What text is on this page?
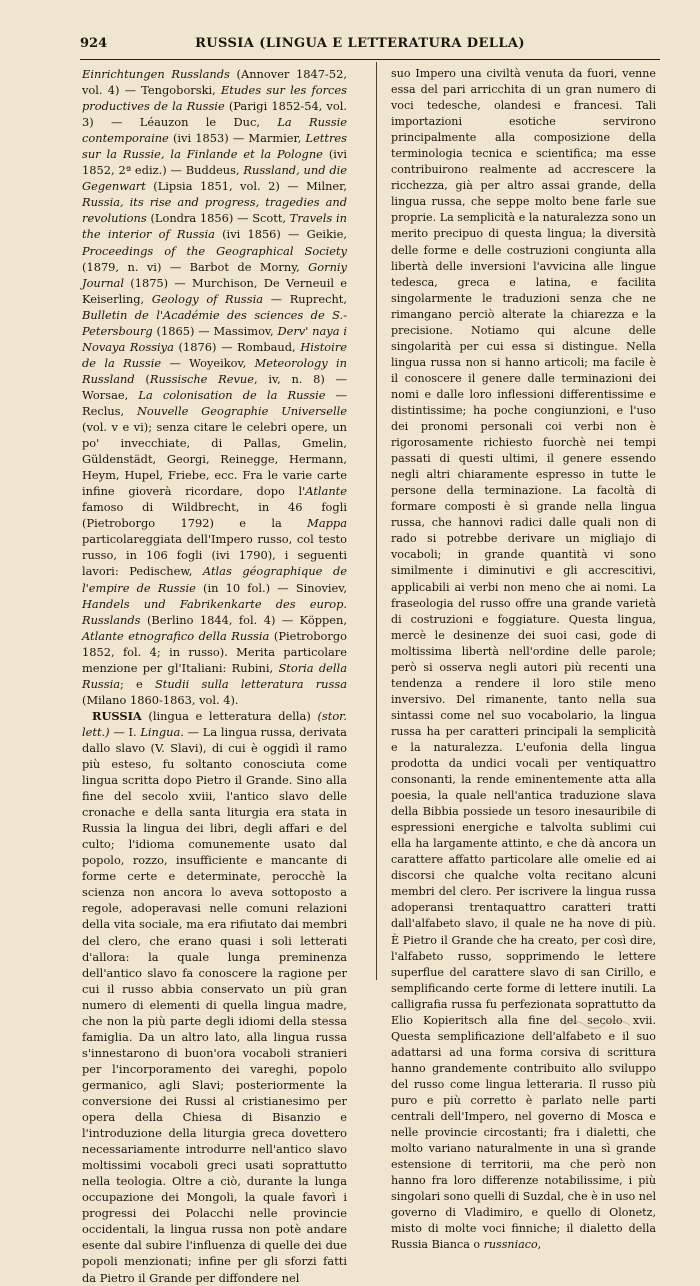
924	RUSSIA (LINGUA E LETTERATURA DELLA)

Einrichtungen Russlands (Annover 1847-52, vol. 4) — Tengoborski, Etudes sur les forces productives de la Russie (Parigi 1852-54, vol. 3) — Léauzon le Duc, La Russie contemporaine (ivi 1853) — Marmier, Lettres sur la Russie, la Finlande et la Pologne (ivi 1852, 2ª ediz.) — Buddeus, Russland, und die Gegenwart (Lipsia 1851, vol. 2) — Milner, Russia, its rise and progress, tragedies and revolutions (Londra 1856) — Scott, Travels in the interior of Russia (ivi 1856) — Geikie, Proceedings of the Geographical Society (1879, n. vi) — Barbot de Morny, Gorniy Journal (1875) — Murchison, De Verneuil e Keiserling, Geology of Russia — Ruprecht, Bulletin de l'Académie des sciences de S.-Petersbourg (1865) — Massimov, Derv' naya i Novaya Rossiya (1876) — Rombaud, Histoire de la Russie — Woyeikov, Meteorology in Russland (Russische Revue, iv, n. 8) — Worsae, La colonisation de la Russie — Reclus, Nouvelle Geographie Universelle (vol. v e vi); senza citare le celebri opere, un po' invecchiate, di Pallas, Gmelin, Güldenstädt, Georgi, Reinegge, Hermann, Heym, Hupel, Friebe, ecc. Fra le varie carte infine gioverà ricordare, dopo l'Atlante famoso di Wildbrecht, in 46 fogli (Pietroborgo 1792) e la Mappa particolareggiata dell'Impero russo, col testo russo, in 106 fogli (ivi 1790), i seguenti lavori: Pedischew, Atlas géographique de l'empire de Russie (in 10 fol.) — Sinoviev, Handels und Fabrikenkarte des europ. Russlands (Berlino 1844, fol. 4) — Köppen, Atlante etnografico della Russia (Pietroborgo 1852, fol. 4; in russo). Merita particolare menzione per gl'Italiani: Rubini, Storia della Russia; e Studii sulla letteratura russa (Milano 1860-1863, vol. 4).

RUSSIA (lingua e letteratura della) (stor. lett.) — I. Lingua. — La lingua russa, derivata dallo slavo (V. Slavi), di cui è oggidì il ramo più esteso, fu soltanto conosciuta come lingua scritta dopo Pietro il Grande. Sino alla fine del secolo xviii, l'antico slavo delle cronache e della santa liturgia era stata in Russia la lingua dei libri, degli affari e del culto; l'idioma comunemente usato dal popolo, rozzo, insufficiente e mancante di forme certe e determinate, perocchè la scienza non ancora lo aveva sottoposto a regole, adoperavasi nelle comuni relazioni della vita sociale, ma era rifiutato dai membri del clero, che erano quasi i soli letterati d'allora: la quale lunga preminenza dell'antico slavo fa conoscere la ragione per cui il russo abbia conservato un più gran numero di elementi di quella lingua madre, che non la più parte degli idiomi della stessa famiglia. Da un altro lato, alla lingua russa s'innestarono di buon'ora vocaboli stranieri per l'incorporamento dei vareghi, popolo germanico, agli Slavi; posteriormente la conversione dei Russi al cristianesimo per opera della Chiesa di Bisanzio e l'introduzione della liturgia greca dovettero necessariamente introdurre nell'antico slavo moltissimi vocaboli greci usati soprattutto nella teologia. Oltre a ciò, durante la lunga occupazione dei Mongoli, la quale favorì i progressi dei Polacchi nelle provincie occidentali, la lingua russa non potè andare esente dal subire l'influenza di quelle dei due popoli menzionati; infine per gli sforzi fatti da Pietro il Grande per diffondere nel

suo Impero una civiltà venuta da fuori, venne essa del pari arricchita di un gran numero di voci tedesche, olandesi e francesi. Tali importazioni esotiche servirono principalmente alla composizione della terminologia tecnica e scientifica; ma esse contribuirono realmente ad accrescere la ricchezza, già per altro assai grande, della lingua russa, che seppe molto bene farle sue proprie. La semplicità e la naturalezza sono un merito precipuo di questa lingua; la diversità delle forme e delle costruzioni congiunta alla libertà delle inversioni l'avvicina alle lingue tedesca, greca e latina, e facilita singolarmente le traduzioni senza che ne rimangano perciò alterate la chiarezza e la precisione. Notiamo qui alcune delle singolarità per cui essa si distingue. Nella lingua russa non si hanno articoli; ma facile è il conoscere il genere dalle terminazioni dei nomi e dalle loro inflessioni differentissime e distintissime; ha poche congiunzioni, e l'uso dei pronomi personali coi verbi non è rigorosamente richiesto fuorchè nei tempi passati di questi ultimi, il genere essendo negli altri chiaramente espresso in tutte le persone della terminazione. La facoltà di formare composti è sì grande nella lingua russa, che hannovi radici dalle quali non di rado si potrebbe derivare un migliajo di vocaboli; in grande quantità vi sono similmente i diminutivi e gli accrescitivi, applicabili ai verbi non meno che ai nomi. La fraseologia del russo offre una grande varietà di costruzioni e foggiature. Questa lingua, mercè le desinenze dei suoi casi, gode di moltissima libertà nell'ordine delle parole; però si osserva negli autori più recenti una tendenza a rendere il loro stile meno inversivo. Del rimanente, tanto nella sua sintassi come nel suo vocabolario, la lingua russa ha per caratteri principali la semplicità e la naturalezza. L'eufonia della lingua prodotta da undici vocali per ventiquattro consonanti, la rende eminentemente atta alla poesia, la quale nell'antica traduzione slava della Bibbia possiede un tesoro inesauribile di espressioni energiche e talvolta sublimi cui ella ha largamente attinto, e che dà ancora un carattere affatto particolare alle omelie ed ai discorsi che qualche volta recitano alcuni membri del clero. Per iscrivere la lingua russa adoperansi trentaquattro caratteri tratti dall'alfabeto slavo, il quale ne ha nove di più. È Pietro il Grande che ha creato, per così dire, l'alfabeto russo, sopprimendo le lettere superflue del carattere slavo di san Cirillo, e semplificando certe forme di lettere inutili. La calligrafia russa fu perfezionata soprattutto da Elio Kopieritsch alla fine del secolo xvii. Questa semplificazione dell'alfabeto e il suo adattarsi ad una forma corsiva di scrittura hanno grandemente contribuito allo sviluppo del russo come lingua letteraria. Il russo più puro e più corretto è parlato nelle parti centrali dell'Impero, nel governo di Mosca e nelle provincie circostanti; fra i dialetti, che molto variano naturalmente in una sì grande estensione di territorii, ma che però non hanno fra loro differenze notabilissime, i più singolari sono quelli di Suzdal, che è in uso nel governo di Vladimiro, e quello di Olonetz, misto di molte voci finniche; il dialetto della Russia Bianca o russniaco,
